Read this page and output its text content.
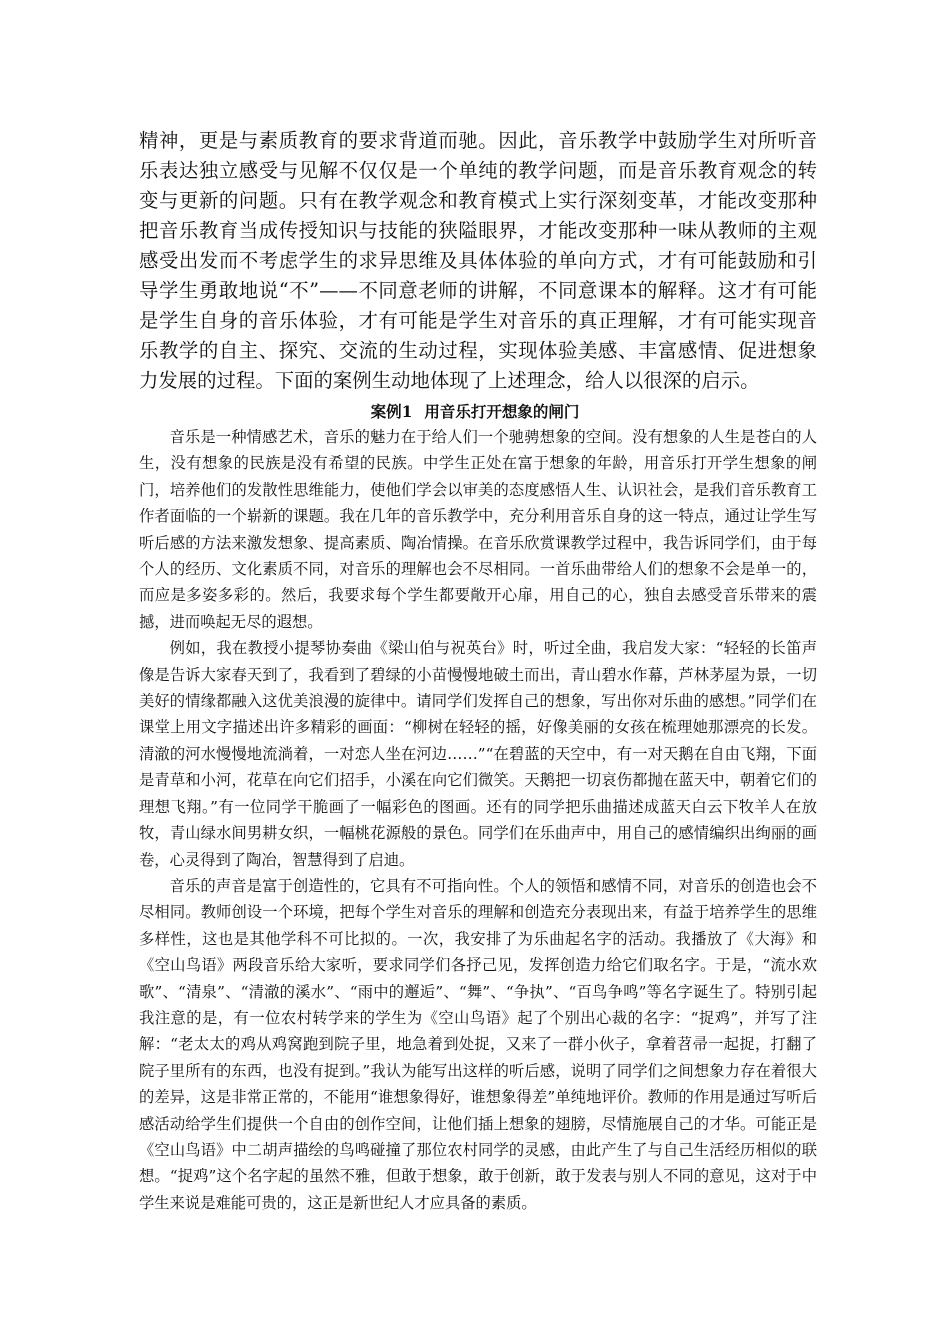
精神，更是与素质教育的要求背道而驰。因此，音乐教学中鼓励学生对所听音乐表达独立感受与见解不仅仅是一个单纯的教学问题，而是音乐教育观念的转变与更新的问题。只有在教学观念和教育模式上实行深刻变革，才能改变那种把音乐教育当成传授知识与技能的狭隘眼界，才能改变那种一味从教师的主观感受出发而不考虑学生的求异思维及具体体验的单向方式，才有可能鼓励和引导学生勇敢地说“不”——不同意老师的讲解，不同意课本的解释。这才有可能是学生自身的音乐体验，才有可能是学生对音乐的真正理解，才有可能实现音乐教学的自主、探究、交流的生动过程，实现体验美感、丰富感情、促进想象力发展的过程。下面的案例生动地体现了上述理念，给人以很深的启示。

案例1 用音乐打开想象的闸门

音乐是一种情感艺术，音乐的魅力在于给人们一个驰骋想象的空间。没有想象的人生是苍白的人生，没有想象的民族是没有希望的民族。中学生正处在富于想象的年龄，用音乐打开学生想象的闸门，培养他们的发散性思维能力，使他们学会以审美的态度感悟人生、认识社会，是我们音乐教育工作者面临的一个崭新的课题。我在几年的音乐教学中，充分利用音乐自身的这一特点，通过让学生写听后感的方法来激发想象、提高素质、陶冶情操。在音乐欣赏课教学过程中，我告诉同学们，由于每个人的经历、文化素质不同，对音乐的理解也会不尽相同。一首乐曲带给人们的想象不会是单一的，而应是多姿多彩的。然后，我要求每个学生都要敞开心扉，用自己的心，独自去感受音乐带来的震撼，进而唤起无尽的遐想。

例如，我在教授小提琴协奏曲《梁山伯与祝英台》时，听过全曲，我启发大家：“轻轻的长笛声像是告诉大家春天到了，我看到了碧绿的小苗慢慢地破土而出，青山碧水作幕，芦林茅屋为景，一切美好的情缘都融入这优美浪漫的旋律中。请同学们发挥自己的想象，写出你对乐曲的感想。”同学们在课堂上用文字描述出许多精彩的画面：“柳树在轻轻的摇，好像美丽的女孩在梳理她那漂亮的长发。清澈的河水慢慢地流淌着，一对恋人坐在河边……”“在碧蓝的天空中，有一对天鹅在自由飞翔，下面是青草和小河，花草在向它们招手，小溪在向它们微笑。天鹅把一切哀伤都抛在蓝天中，朝着它们的理想飞翔。”有一位同学干脆画了一幅彩色的图画。还有的同学把乐曲描述成蓝天白云下牧羊人在放牧，青山绿水间男耕女织，一幅桃花源般的景色。同学们在乐曲声中，用自己的感情编织出绚丽的画卷，心灵得到了陶冶，智慧得到了启迪。

音乐的声音是富于创造性的，它具有不可指向性。个人的领悟和感情不同，对音乐的创造也会不尽相同。教师创设一个环境，把每个学生对音乐的理解和创造充分表现出来，有益于培养学生的思维多样性，这也是其他学科不可比拟的。一次，我安排了为乐曲起名字的活动。我播放了《大海》和《空山鸟语》两段音乐给大家听，要求同学们各抒己见，发挥创造力给它们取名字。于是，“流水欢歌”、“清泉”、“清澈的溪水”、“雨中的邂逅”、“舞”、“争执”、“百鸟争鸣”等名字诞生了。特别引起我注意的是，有一位农村转学来的学生为《空山鸟语》起了个别出心裁的名字：“捉鸡”，并写了注解：“老太太的鸡从鸡窝跑到院子里，地急着到处捉，又来了一群小伙子，拿着苕帚一起捉，打翻了院子里所有的东西，也没有捉到。”我认为能写出这样的听后感，说明了同学们之间想象力存在着很大的差异，这是非常正常的，不能用“谁想象得好，谁想象得差”单纯地评价。教师的作用是通过写听后感活动给学生们提供一个自由的创作空间，让他们插上想象的翅膀，尽情施展自己的才华。可能正是《空山鸟语》中二胡声描绘的鸟鸣碰撞了那位农村同学的灵感，由此产生了与自己生活经历相似的联想。“捉鸡”这个名字起的虽然不雅，但敢于想象，敢于创新，敢于发表与别人不同的意见，这对于中学生来说是难能可贵的，这正是新世纪人才应具备的素质。
